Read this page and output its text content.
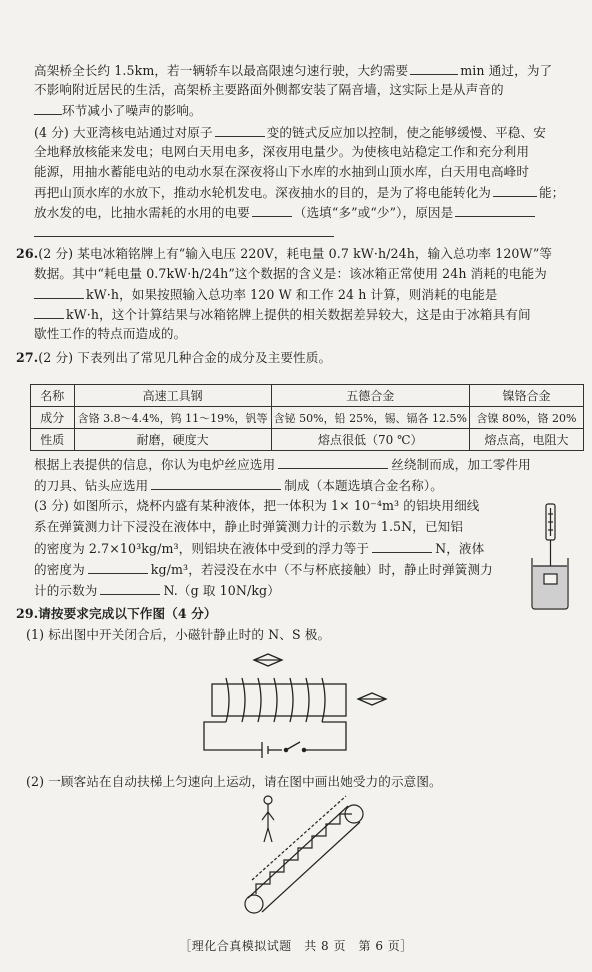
高架桥全长约 1.5km，若一辆轿车以最高限速匀速行驶，大约需要	min 通过，为了
不影响附近居民的生活，高架桥主要路面外侧都安装了隔音墙，这实际上是从声音的
环节减小了噪声的影响。
(4 分) 大亚湾核电站通过对原子	变的链式反应加以控制，使之能够缓慢、平稳、安
全地释放核能来发电；电网白天用电多，深夜用电量少。为使核电站稳定工作和充分利用
能源，用抽水蓄能电站的电动水泵在深夜将山下水库的水抽到山顶水库，白天用电高峰时
再把山顶水库的水放下，推动水轮机发电。深夜抽水的目的，是为了将电能转化为	能；
放水发的电，比抽水需耗的水用的电要	（选填“多”或“少”），原因是
26.(2 分) 某电冰箱铭牌上有“输入电压 220V，耗电量 0.7 kW·h/24h，输入总功率 120W”等
数据。其中“耗电量 0.7kW·h/24h”这个数据的含义是：该冰箱正常使用 24h 消耗的电能为
kW·h，如果按照输入总功率 120 W 和工作 24 h 计算，则消耗的电能是
kW·h，这个计算结果与冰箱铭牌上提供的相关数据差异较大，这是由于冰箱具有间
歇性工作的特点而造成的。
27.(2 分) 下表列出了常见几种合金的成分及主要性质。
名称	高速工具钢	五德合金	镍铬合金
成分	含铬 3.8～4.4%，钨 11～19%，钒等	含铋 50%，铅 25%，锡、镉各 12.5%	含镍 80%，铬 20%
性质	耐磨，硬度大	熔点很低（70 ℃）	熔点高，电阻大
根据上表提供的信息，你认为电炉丝应选用	丝绕制而成，加工零件用
的刀具、钻头应选用	制成（本题选填合金名称）。
(3 分) 如图所示，烧杯内盛有某种液体，把一体积为 1× 10⁻⁴m³ 的铝块用细线
系在弹簧测力计下浸没在液体中，静止时弹簧测力计的示数为 1.5N，已知铝
的密度为 2.7×10³kg/m³，则铝块在液体中受到的浮力等于	N，液体
的密度为	kg/m³，若浸没在水中（不与杯底接触）时，静止时弹簧测力
计的示数为	N.（g 取 10N/kg）
29.请按要求完成以下作图（4 分）
(1) 标出图中开关闭合后，小磁针静止时的 N、S 极。
(2) 一顾客站在自动扶梯上匀速向上运动，请在图中画出她受力的示意图。
［理化合真模拟试题　共 8 页　第 6 页］
